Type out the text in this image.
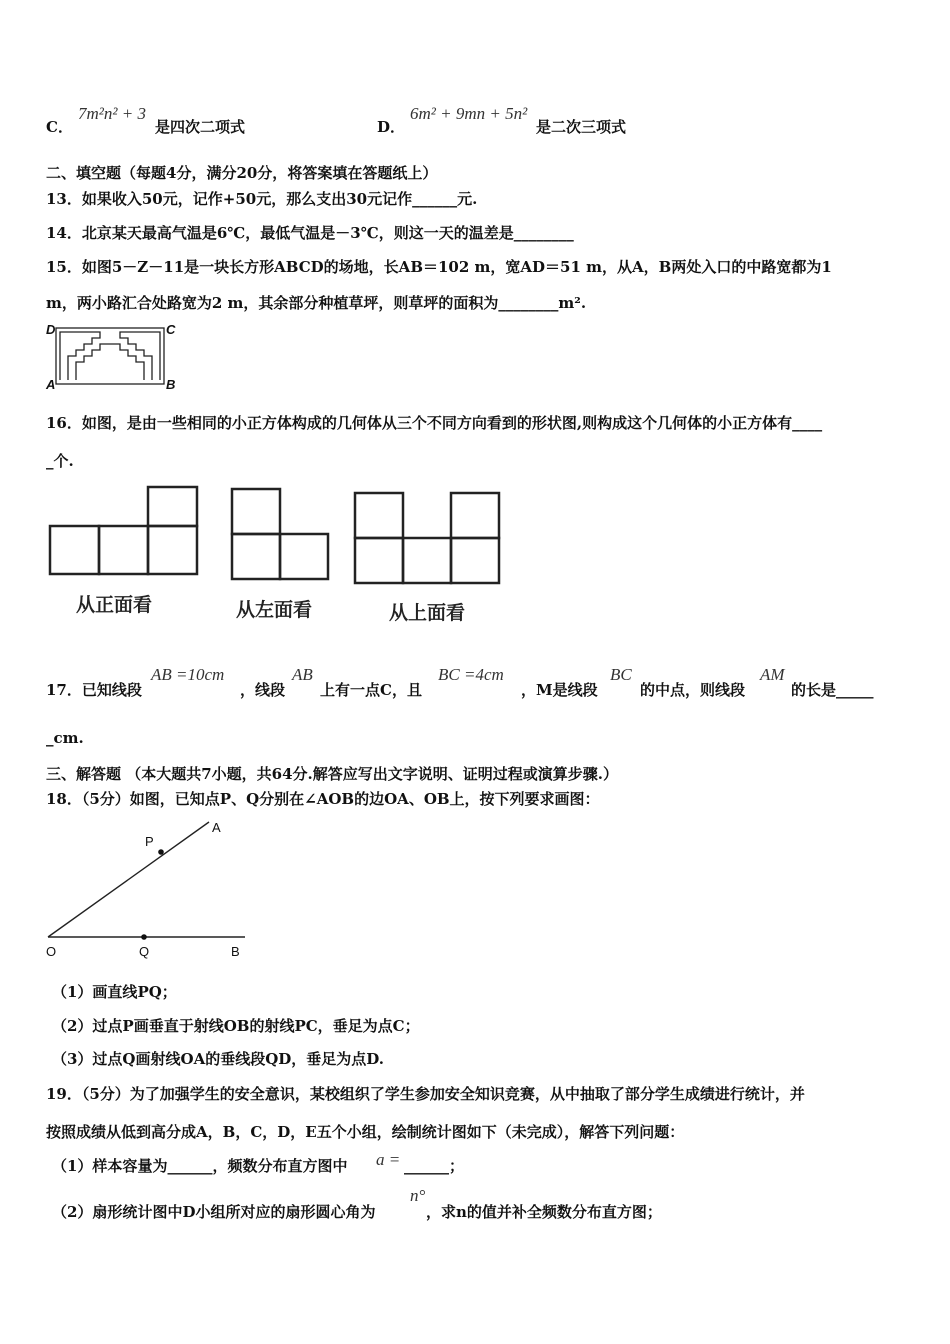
C．
7m²n² + 3
是四次二项式	D．
6m² + 9mn + 5n²
是二次三项式
二、填空题（每题4分，满分20分，将答案填在答题纸上）
13．如果收入50元，记作+50元，那么支出30元记作______元.
14．北京某天最高气温是6℃，最低气温是－3℃，则这一天的温差是________
15．如图5－Z－11是一块长方形ABCD的场地，长AB＝102 m，宽AD＝51 m，从A，B两处入口的中路宽都为1
m，两小路汇合处路宽为2 m，其余部分种植草坪，则草坪的面积为________m².
D	C
A	B
16．如图，是由一些相同的小正方体构成的几何体从三个不同方向看到的形状图,则构成这个几何体的小正方体有____
_个.
从正面看	从左面看	从上面看
17．已知线段
AB =10cm
，线段
AB
上有一点C，且
BC =4cm
，M是线段
BC
的中点，则线段
AM
的长是_____
_cm.
三、解答题 （本大题共7小题，共64分.解答应写出文字说明、证明过程或演算步骤.）
18．（5分）如图，已知点P、Q分别在∠AOB的边OA、OB上，按下列要求画图：
A
P
O	Q	B
（1）画直线PQ；
（2）过点P画垂直于射线OB的射线PC，垂足为点C；
（3）过点Q画射线OA的垂线段QD，垂足为点D.
19．（5分）为了加强学生的安全意识，某校组织了学生参加安全知识竞赛，从中抽取了部分学生成绩进行统计，并
按照成绩从低到高分成A，B，C，D，E五个小组，绘制统计图如下（未完成），解答下列问题：
（1）样本容量为______，频数分布直方图中 a = ______；
（2）扇形统计图中D小组所对应的扇形圆心角为
n°
，求n的值并补全频数分布直方图；
